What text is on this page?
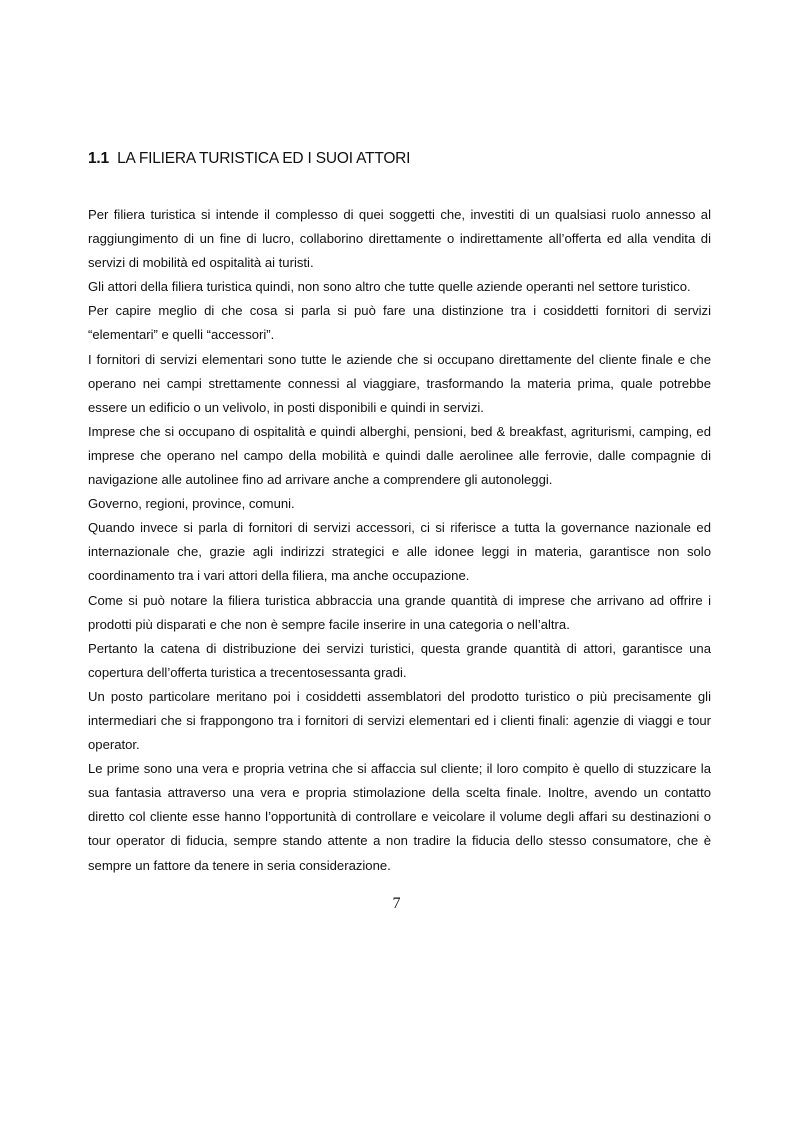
1.1 LA FILIERA TURISTICA ED I SUOI ATTORI

Per filiera turistica si intende il complesso di quei soggetti che, investiti di un qualsiasi ruolo annesso al raggiungimento di un fine di lucro, collaborino direttamente o indirettamente all’offerta ed alla vendita di servizi di mobilità ed ospitalità ai turisti.

Gli attori della filiera turistica quindi, non sono altro che tutte quelle aziende operanti nel settore turistico.

Per capire meglio di che cosa si parla si può fare una distinzione tra i cosiddetti fornitori di servizi “elementari” e quelli “accessori”.

I fornitori di servizi elementari sono tutte le aziende che si occupano direttamente del cliente finale e che operano nei campi strettamente connessi al viaggiare, trasformando la materia prima, quale potrebbe essere un edificio o un velivolo, in posti disponibili e quindi in servizi.

Imprese che si occupano di ospitalità e quindi alberghi, pensioni, bed & breakfast, agriturismi, camping, ed imprese che operano nel campo della mobilità e quindi dalle aerolinee alle ferrovie, dalle compagnie di navigazione alle autolinee fino ad arrivare anche a comprendere gli autonoleggi.

Governo, regioni, province, comuni.

Quando invece si parla di fornitori di servizi accessori, ci si riferisce a tutta la governance nazionale ed internazionale che, grazie agli indirizzi strategici e alle idonee leggi in materia, garantisce non solo coordinamento tra i vari attori della filiera, ma anche occupazione.

Come si può notare la filiera turistica abbraccia una grande quantità di imprese che arrivano ad offrire i prodotti più disparati e che non è sempre facile inserire in una categoria o nell’altra.

Pertanto la catena di distribuzione dei servizi turistici, questa grande quantità di attori, garantisce una copertura dell’offerta turistica a trecentosessanta gradi.

Un posto particolare meritano poi i cosiddetti assemblatori del prodotto turistico o più precisamente gli intermediari che si frappongono tra i fornitori di servizi elementari ed i clienti finali: agenzie di viaggi e tour operator.

Le prime sono una vera e propria vetrina che si affaccia sul cliente; il loro compito è quello di stuzzicare la sua fantasia attraverso una vera e propria stimolazione della scelta finale. Inoltre, avendo un contatto diretto col cliente esse hanno l’opportunità di controllare e veicolare il volume degli affari su destinazioni o tour operator di fiducia, sempre stando attente a non tradire la fiducia dello stesso consumatore, che è sempre un fattore da tenere in seria considerazione.

7
